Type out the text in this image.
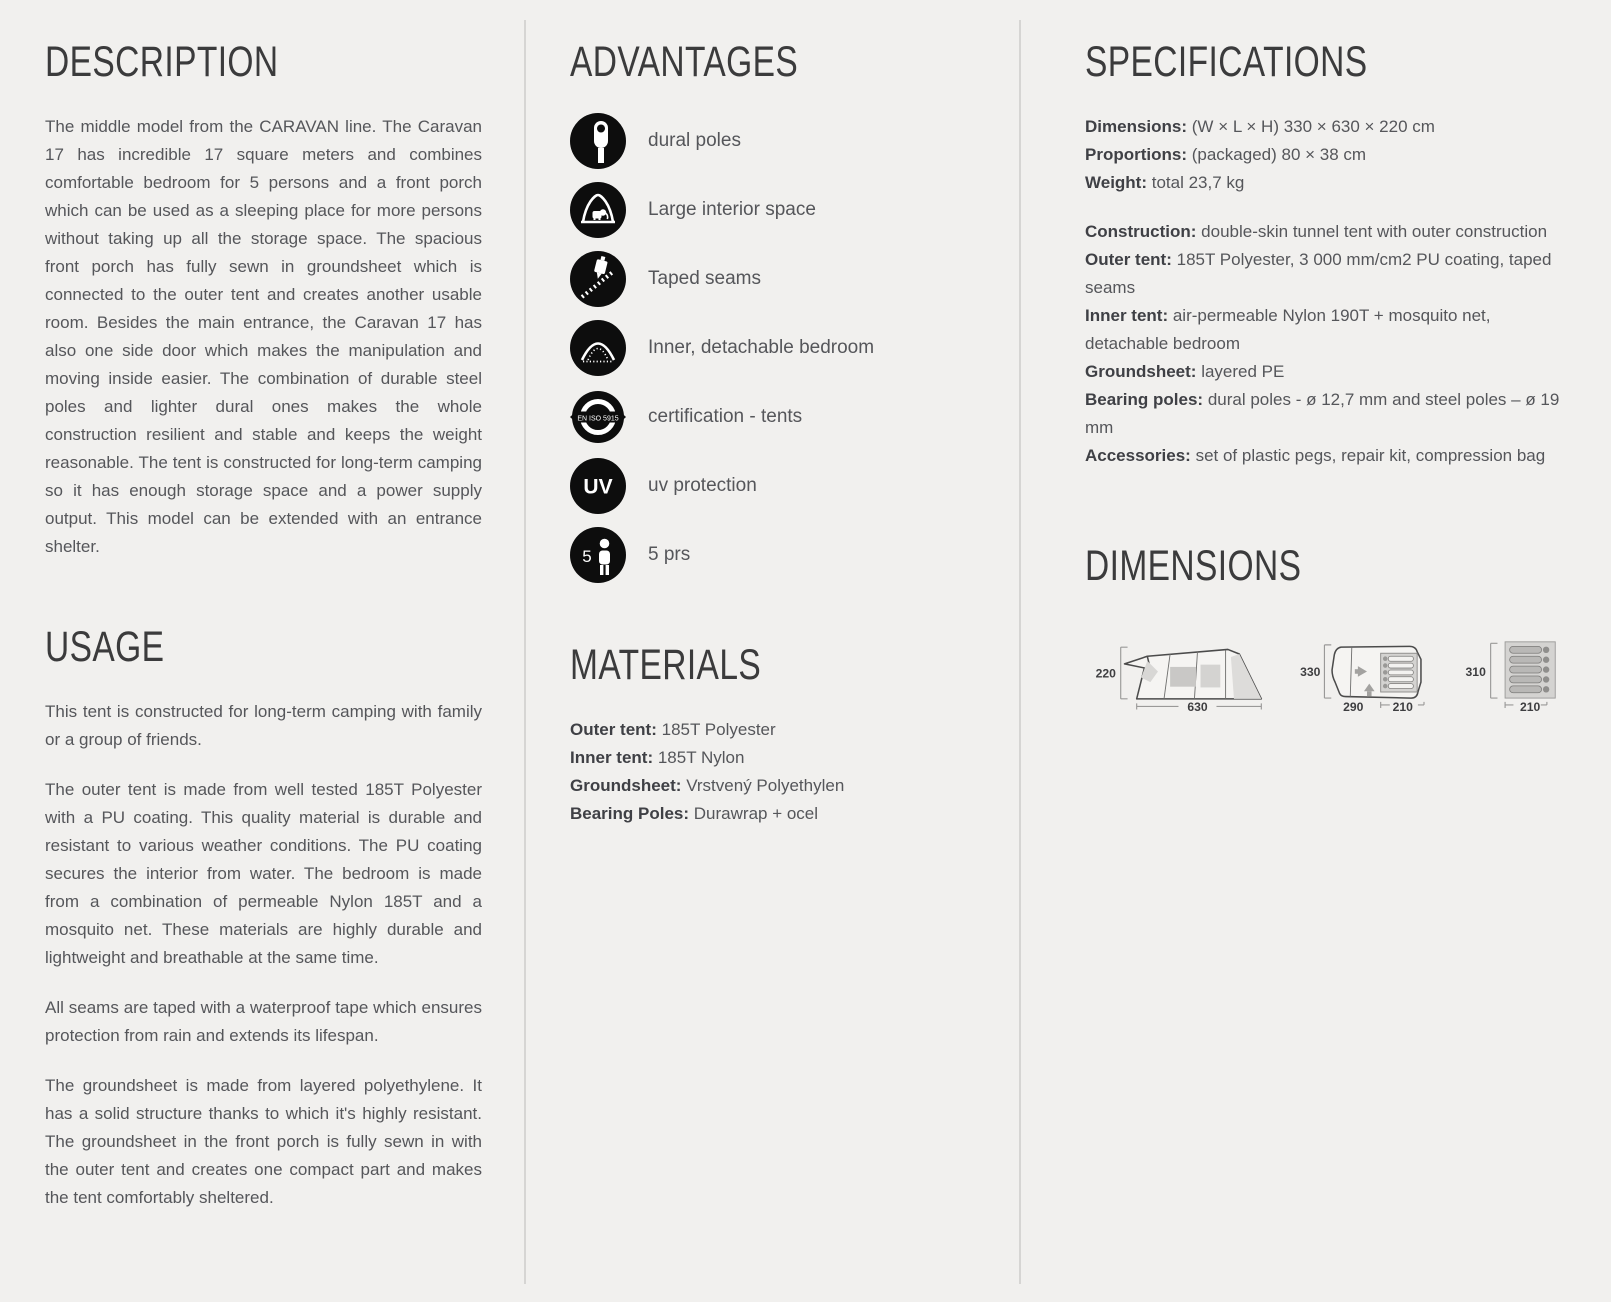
DESCRIPTION

The middle model from the CARAVAN line. The Caravan 17 has incredible 17 square meters and combines comfortable bedroom for 5 persons and a front porch which can be used as a sleeping place for more persons without taking up all the storage space. The spacious front porch has fully sewn in groundsheet which is connected to the outer tent and creates another usable room. Besides the main entrance, the Caravan 17 has also one side door which makes the manipulation and moving inside easier. The combination of durable steel poles and lighter dural ones makes the whole construction resilient and stable and keeps the weight reasonable. The tent is constructed for long-term camping so it has enough storage space and a power supply output. This model can be extended with an entrance shelter.

USAGE

This tent is constructed for long-term camping with family or a group of friends.

The outer tent is made from well tested 185T Polyester with a PU coating. This quality material is durable and resistant to various weather conditions. The PU coating secures the interior from water. The bedroom is made from a combination of permeable Nylon 185T and a mosquito net. These materials are highly durable and lightweight and breathable at the same time.

All seams are taped with a waterproof tape which ensures protection from rain and extends its lifespan.

The groundsheet is made from layered polyethylene. It has a solid structure thanks to which it's highly resistant. The groundsheet in the front porch is fully sewn in with the outer tent and creates one compact part and makes the tent comfortably sheltered.

ADVANTAGES
dural poles
Large interior space
Taped seams
Inner, detachable bedroom
EN ISO 5915 certification - tents
UV uv protection
5	5 prs
MATERIALS

Outer tent: 185T Polyester

Inner tent: 185T Nylon

Groundsheet: Vrstvený Polyethylen

Bearing Poles: Durawrap + ocel

SPECIFICATIONS

Dimensions: (W × L × H) 330 × 630 × 220 cm

Proportions: (packaged) 80 × 38 cm

Weight: total 23,7 kg

Construction: double-skin tunnel tent with outer construction

Outer tent: 185T Polyester, 3 000 mm/cm2 PU coating, taped seams

Inner tent: air-permeable Nylon 190T + mosquito net, detachable bedroom

Groundsheet: layered PE

Bearing poles: dural poles - ø 12,7 mm and steel poles – ø 19 mm

Accessories: set of plastic pegs, repair kit, compression bag

DIMENSIONS
220
630
330
290 210
310
210
